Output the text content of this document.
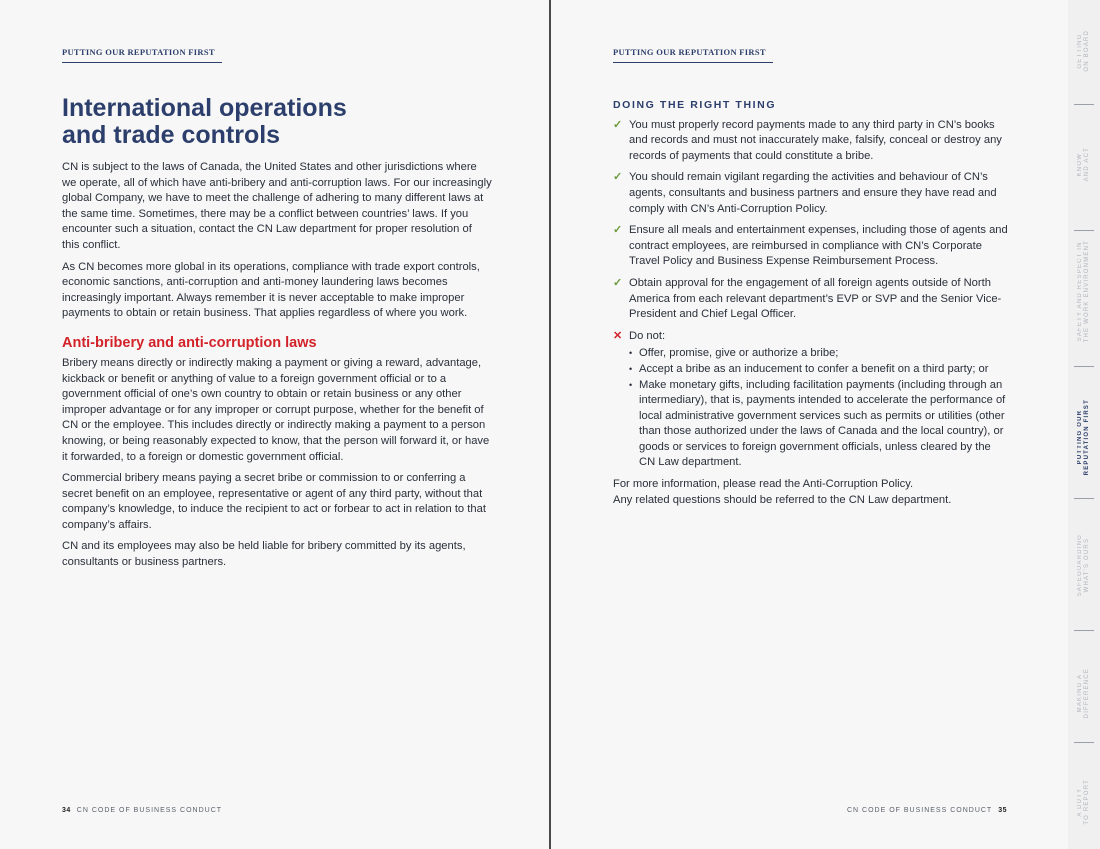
PUTTING OUR REPUTATION FIRST
International operations
and trade controls

CN is subject to the laws of Canada, the United States and other jurisdictions where we operate, all of which have anti-bribery and anti-corruption laws. For our increasingly global Company, we have to meet the challenge of adhering to many different laws at the same time. Sometimes, there may be a conflict between countries’ laws. If you encounter such a situation, contact the CN Law department for proper resolution of this conflict.

As CN becomes more global in its operations, compliance with trade export controls, economic sanctions, anti-corruption and anti-money laundering laws becomes increasingly important. Always remember it is never acceptable to make improper payments to obtain or retain business. That applies regardless of where you work.

Anti-bribery and anti-corruption laws

Bribery means directly or indirectly making a payment or giving a reward, advantage, kickback or benefit or anything of value to a foreign government official or to a government official of one’s own country to obtain or retain business or any other improper advantage or for any improper or corrupt purpose, whether for the benefit of CN or the employee. This includes directly or indirectly making a payment to a person knowing, or being reasonably expected to know, that the person will forward it, or have it forwarded, to a foreign or domestic government official.

Commercial bribery means paying a secret bribe or commission to or conferring a secret benefit on an employee, representative or agent of any third party, without that company’s knowledge, to induce the recipient to act or forbear to act in relation to that company’s affairs.

CN and its employees may also be held liable for bribery committed by its agents, consultants or business partners.

34 CN CODE OF BUSINESS CONDUCT
PUTTING OUR REPUTATION FIRST
DOING THE RIGHT THING
✓ You must properly record payments made to any third party in CN’s books and records and must not inaccurately make, falsify, conceal or destroy any records of payments that could constitute a bribe.
✓ You should remain vigilant regarding the activities and behaviour of CN’s agents, consultants and business partners and ensure they have read and comply with CN’s Anti-Corruption Policy.
✓ Ensure all meals and entertainment expenses, including those of agents and contract employees, are reimbursed in compliance with CN’s Corporate Travel Policy and Business Expense Reimbursement Process.
✓ Obtain approval for the engagement of all foreign agents outside of North America from each relevant department’s EVP or SVP and the Senior Vice-President and Chief Legal Officer.
✕ Do not:
• Offer, promise, give or authorize a bribe;
• Accept a bribe as an inducement to confer a benefit on a third party; or
• Make monetary gifts, including facilitation payments (including through an intermediary), that is, payments intended to accelerate the performance of local administrative government services such as permits or utilities (other than those authorized under the laws of Canada and the local country), or goods or services to foreign government officials, unless cleared by the CN Law department.
For more information, please read the Anti-Corruption Policy.
Any related questions should be referred to the CN Law department.
CN CODE OF BUSINESS CONDUCT 35
GETTING
ON BOARD
KNOW
AND ACT
SAFETY AND RESPECT IN
THE WORK ENVIRONMENT
PUTTING OUR
REPUTATION FIRST
SAFEGUARDING
WHAT'S OURS
MAKING A
DIFFERENCE
A DUTY
TO REPORT
